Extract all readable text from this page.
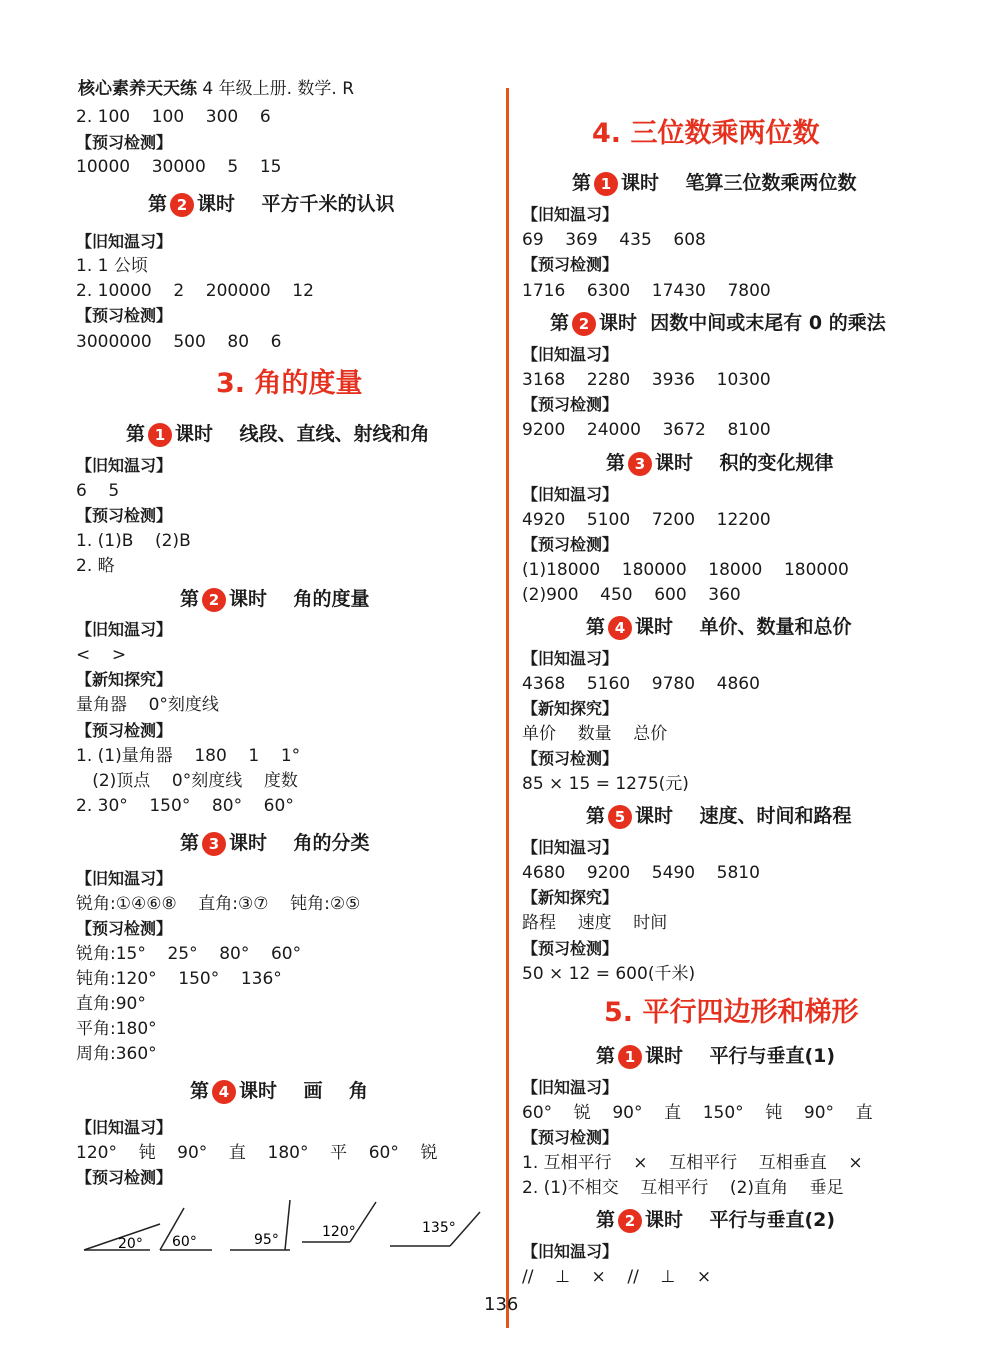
核心素养天天练 4 年级上册. 数学. R
2. 100    100    300    6
【预习检测】
10000    30000    5    15
第 2 课时    平方千米的认识
【旧知温习】
1. 1 公顷
2. 10000    2    200000    12
【预习检测】
3000000    500    80    6
3. 角的度量
第 1 课时    线段、直线、射线和角
【旧知温习】
6    5
【预习检测】
1. (1)B    (2)B
2. 略
第 2 课时    角的度量
【旧知温习】
<    >
【新知探究】
量角器    0°刻度线
【预习检测】
1. (1)量角器    180    1    1°
(2)顶点    0°刻度线    度数
2. 30°    150°    80°    60°
第 3 课时    角的分类
【旧知温习】
锐角:①④⑥⑧    直角:③⑦    钝角:②⑤
【预习检测】
锐角:15°    25°    80°    60°
钝角:120°    150°    136°
直角:90°
平角:180°
周角:360°
第 4 课时    画    角
【旧知温习】
120°    钝    90°    直    180°    平    60°    锐
【预习检测】
20° 60°	95°	120°	135°
4. 三位数乘两位数
第 1 课时    笔算三位数乘两位数
【旧知温习】
69    369    435    608
【预习检测】
1716    6300    17430    7800
第 2 课时  因数中间或末尾有 0 的乘法
【旧知温习】
3168    2280    3936    10300
【预习检测】
9200    24000    3672    8100
第 3 课时    积的变化规律
【旧知温习】
4920    5100    7200    12200
【预习检测】
(1)18000    180000    18000    180000
(2)900    450    600    360
第 4 课时    单价、数量和总价
【旧知温习】
4368    5160    9780    4860
【新知探究】
单价    数量    总价
【预习检测】
85 × 15 = 1275(元)
第 5 课时    速度、时间和路程
【旧知温习】
4680    9200    5490    5810
【新知探究】
路程    速度    时间
【预习检测】
50 × 12 = 600(千米)
5. 平行四边形和梯形
第 1 课时    平行与垂直(1)
【旧知温习】
60°    锐    90°    直    150°    钝    90°    直
【预习检测】
1. 互相平行    ×    互相平行    互相垂直    ×
2. (1)不相交    互相平行    (2)直角    垂足
第 2 课时    平行与垂直(2)
【旧知温习】
//    ⊥    ×    //    ⊥    ×
136
